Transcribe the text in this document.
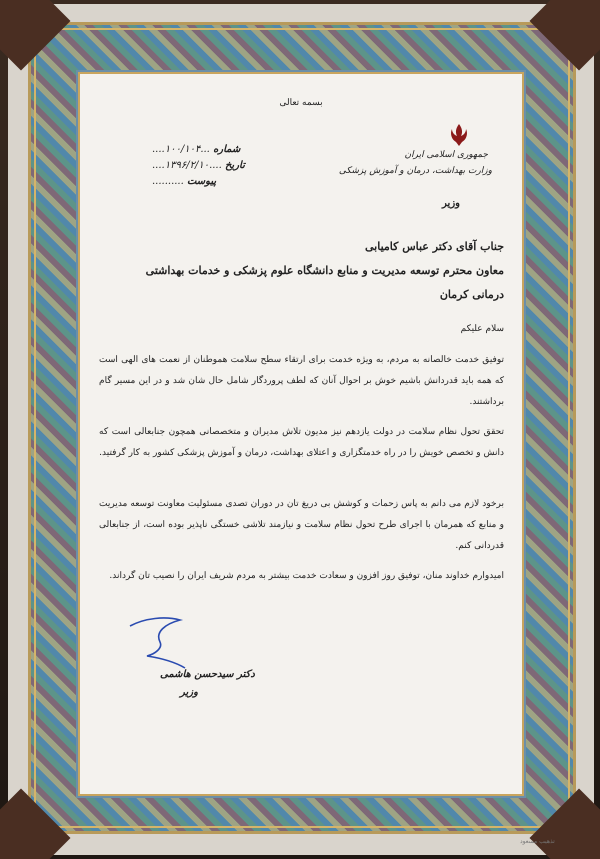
بسمه تعالی
جمهوری اسلامی ایران
وزارت بهداشت، درمان و آموزش پزشکی
وزیر
شماره ...۱۰۰/۱۰۴....
تاریخ ....۱۳۹۶/۲/۱۰....
پیوست ..........
جناب آقای دکتر عباس کامیابی
معاون محترم توسعه مدیریت و منابع دانشگاه علوم پزشکی و خدمات بهداشتی
درمانی کرمان
سلام علیکم
توفیق خدمت خالصانه به مردم، به ویژه خدمت برای ارتقاء سطح سلامت هموطنان از نعمت های الهی است که همه باید قدردانش باشیم خوش بر احوال آنان که لطف پروردگار شامل حال شان شد و در این مسیر گام برداشتند.
تحقق تحول نظام سلامت در دولت یازدهم نیز مدیون تلاش مدیران و متخصصانی همچون جنابعالی است که دانش و تخصص خویش را در راه خدمتگزاری و اعتلای بهداشت، درمان و آموزش پزشکی کشور به کار گرفتید.
برخود لازم می دانم به پاس زحمات و کوشش بی دریغ تان در دوران تصدی مسئولیت معاونت توسعه مدیریت و منابع که همرمان با اجرای طرح تحول نظام سلامت و نیازمند تلاشی خستگی ناپذیر بوده است، از جنابعالی قدردانی کنم.
امیدوارم خداوند منان، توفیق روز افزون و سعادت خدمت بیشتر به مردم شریف ایران را نصیب تان گرداند.
دکتر سیدحسن هاشمی
وزیر
تذهیب مسعود
